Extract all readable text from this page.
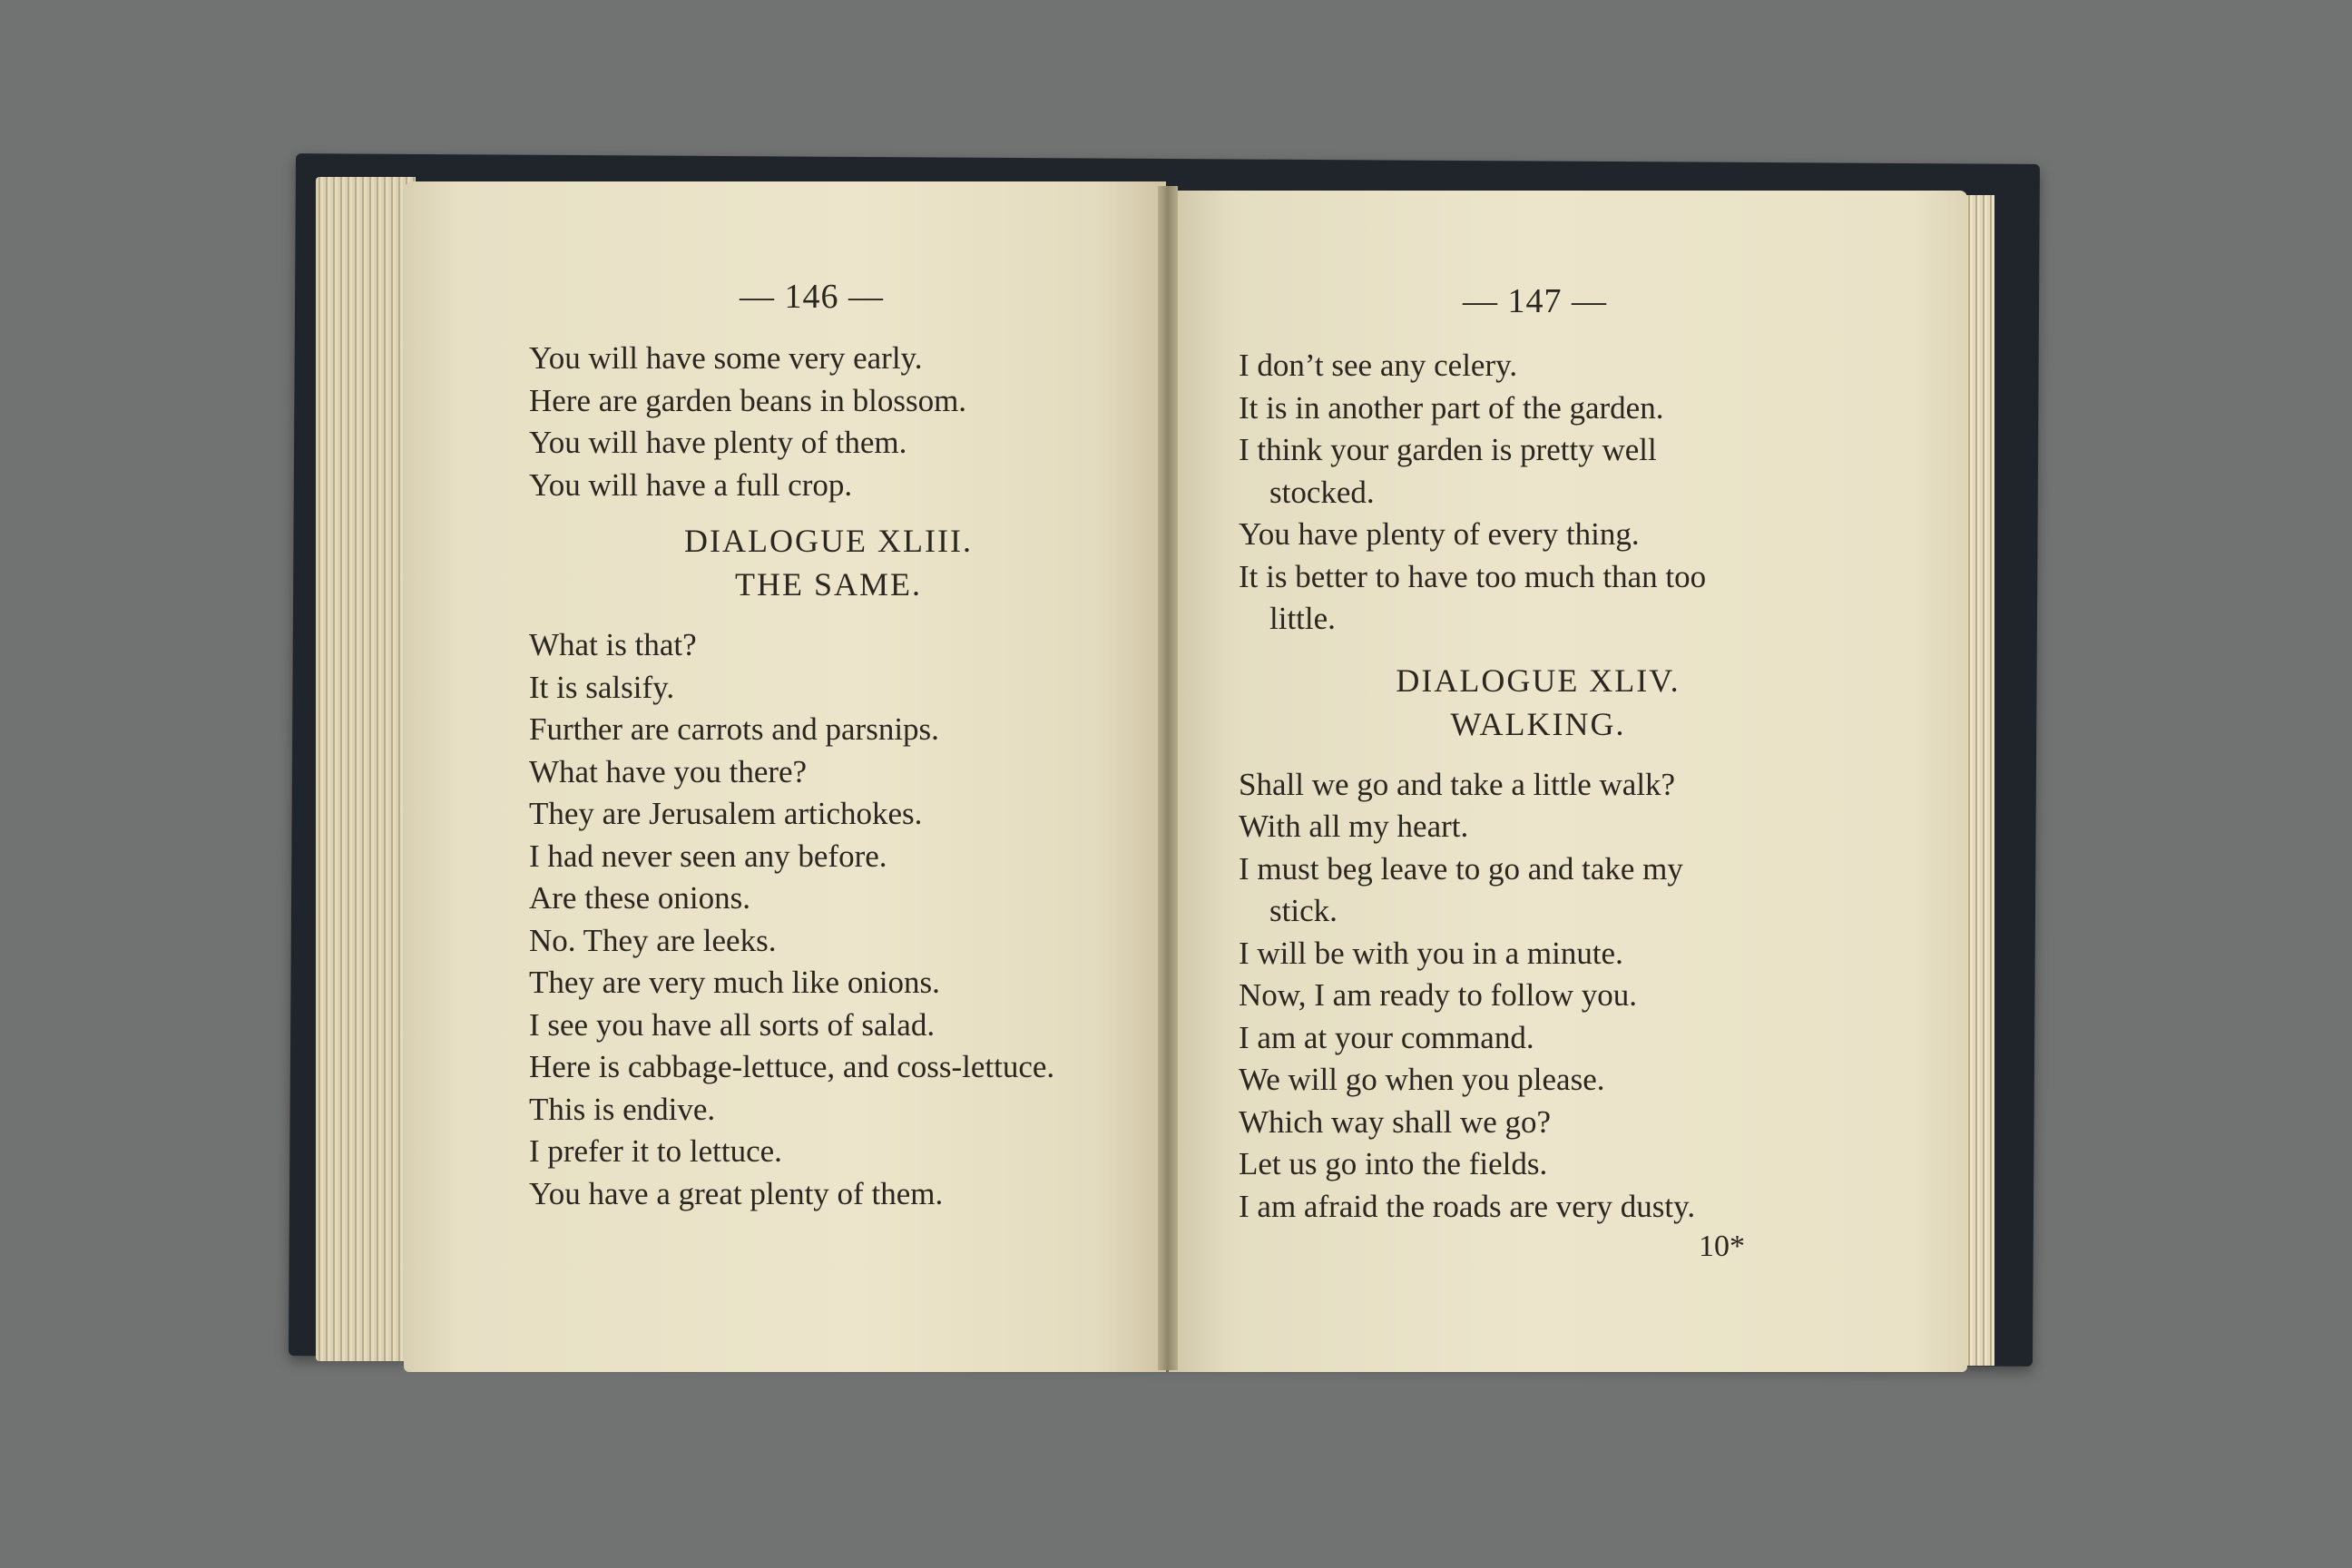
— 146 —
You will have some very early.
Here are garden beans in blossom.
You will have plenty of them.
You will have a full crop.
DIALOGUE XLIII.
THE SAME.
What is that?
It is salsify.
Further are carrots and parsnips.
What have you there?
They are Jerusalem artichokes.
I had never seen any before.
Are these onions.
No. They are leeks.
They are very much like onions.
I see you have all sorts of salad.
Here is cabbage-lettuce, and coss-lettuce.
This is endive.
I prefer it to lettuce.
You have a great plenty of them.
— 147 —
I don’t see any celery.
It is in another part of the garden.
I think your garden is pretty well
stocked.
You have plenty of every thing.
It is better to have too much than too
little.
DIALOGUE XLIV.
WALKING.
Shall we go and take a little walk?
With all my heart.
I must beg leave to go and take my
stick.
I will be with you in a minute.
Now, I am ready to follow you.
I am at your command.
We will go when you please.
Which way shall we go?
Let us go into the fields.
I am afraid the roads are very dusty.
10*
